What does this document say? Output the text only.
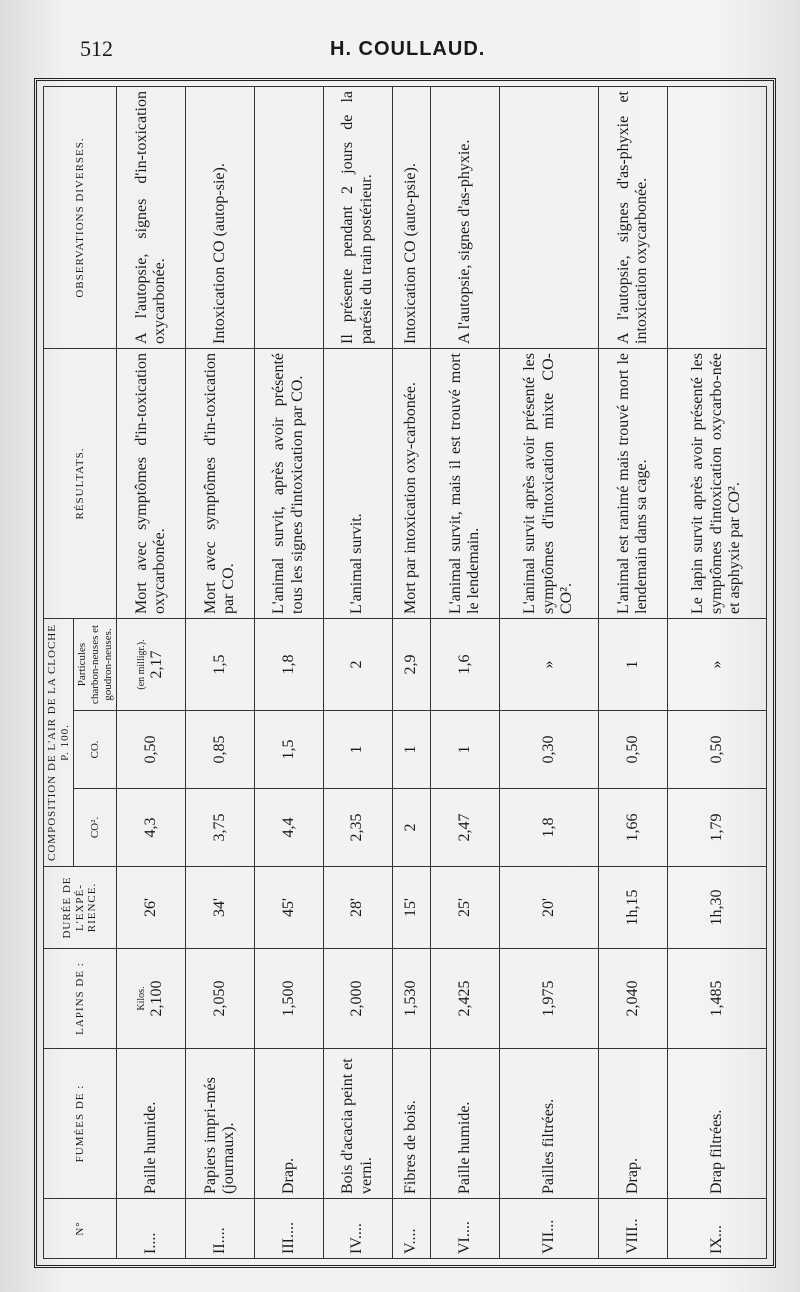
512	H. COULLAUD.
N°	FUMÉES DE :	LAPINS DE :	DURÉE DE L'EXPÉ-RIENCE.	COMPOSITION DE L'AIR DE LA CLOCHE P. 100.			RÉSULTATS.	OBSERVATIONS DIVERSES.
				CO².	CO.	Particules charbon-neuses et goudron-neuses.		
I....	Paille humide.	Kilos. 2,100	26'	4,3	0,50	(en milligr.). 2,17	Mort avec symptômes d'in-toxication oxycarbonée.	A l'autopsie, signes d'in-toxication oxycarbonée.
II....	Papiers impri-més (journaux).	2,050	34'	3,75	0,85	1,5	Mort avec symptômes d'in-toxication par CO.	Intoxication CO (autop-sie).
III....	Drap.	1,500	45'	4,4	1,5	1,8	L'animal survit, après avoir présenté tous les signes d'intoxication par CO.	
IV....	Bois d'acacia peint et verni.	2,000	28'	2,35	1	2	L'animal survit.	Il présente pendant 2 jours de la parésie du train postérieur.
V....	Fibres de bois.	1,530	15'	2	1	2,9	Mort par intoxication oxy-carbonée.	Intoxication CO (auto-psie).
VI....	Paille humide.	2,425	25'	2,47	1	1,6	L'animal survit, mais il est trouvé mort le lendemain.	A l'autopsie, signes d'as-phyxie.
VII...	Pailles filtrées.	1,975	20'	1,8	0,30	»	L'animal survit après avoir présenté les symptômes d'intoxication mixte CO-CO².	
VIII..	Drap.	2,040	1h,15	1,66	0,50	1	L'animal est ranimé mais trouvé mort le lendemain dans sa cage.	A l'autopsie, signes d'as-phyxie et intoxication oxycarbonée.
IX...	Drap filtrées.	1,485	1h,30	1,79	0,50	»	Le lapin survit après avoir présenté les symptômes d'intoxication oxycarbo-née et asphyxie par CO².	
